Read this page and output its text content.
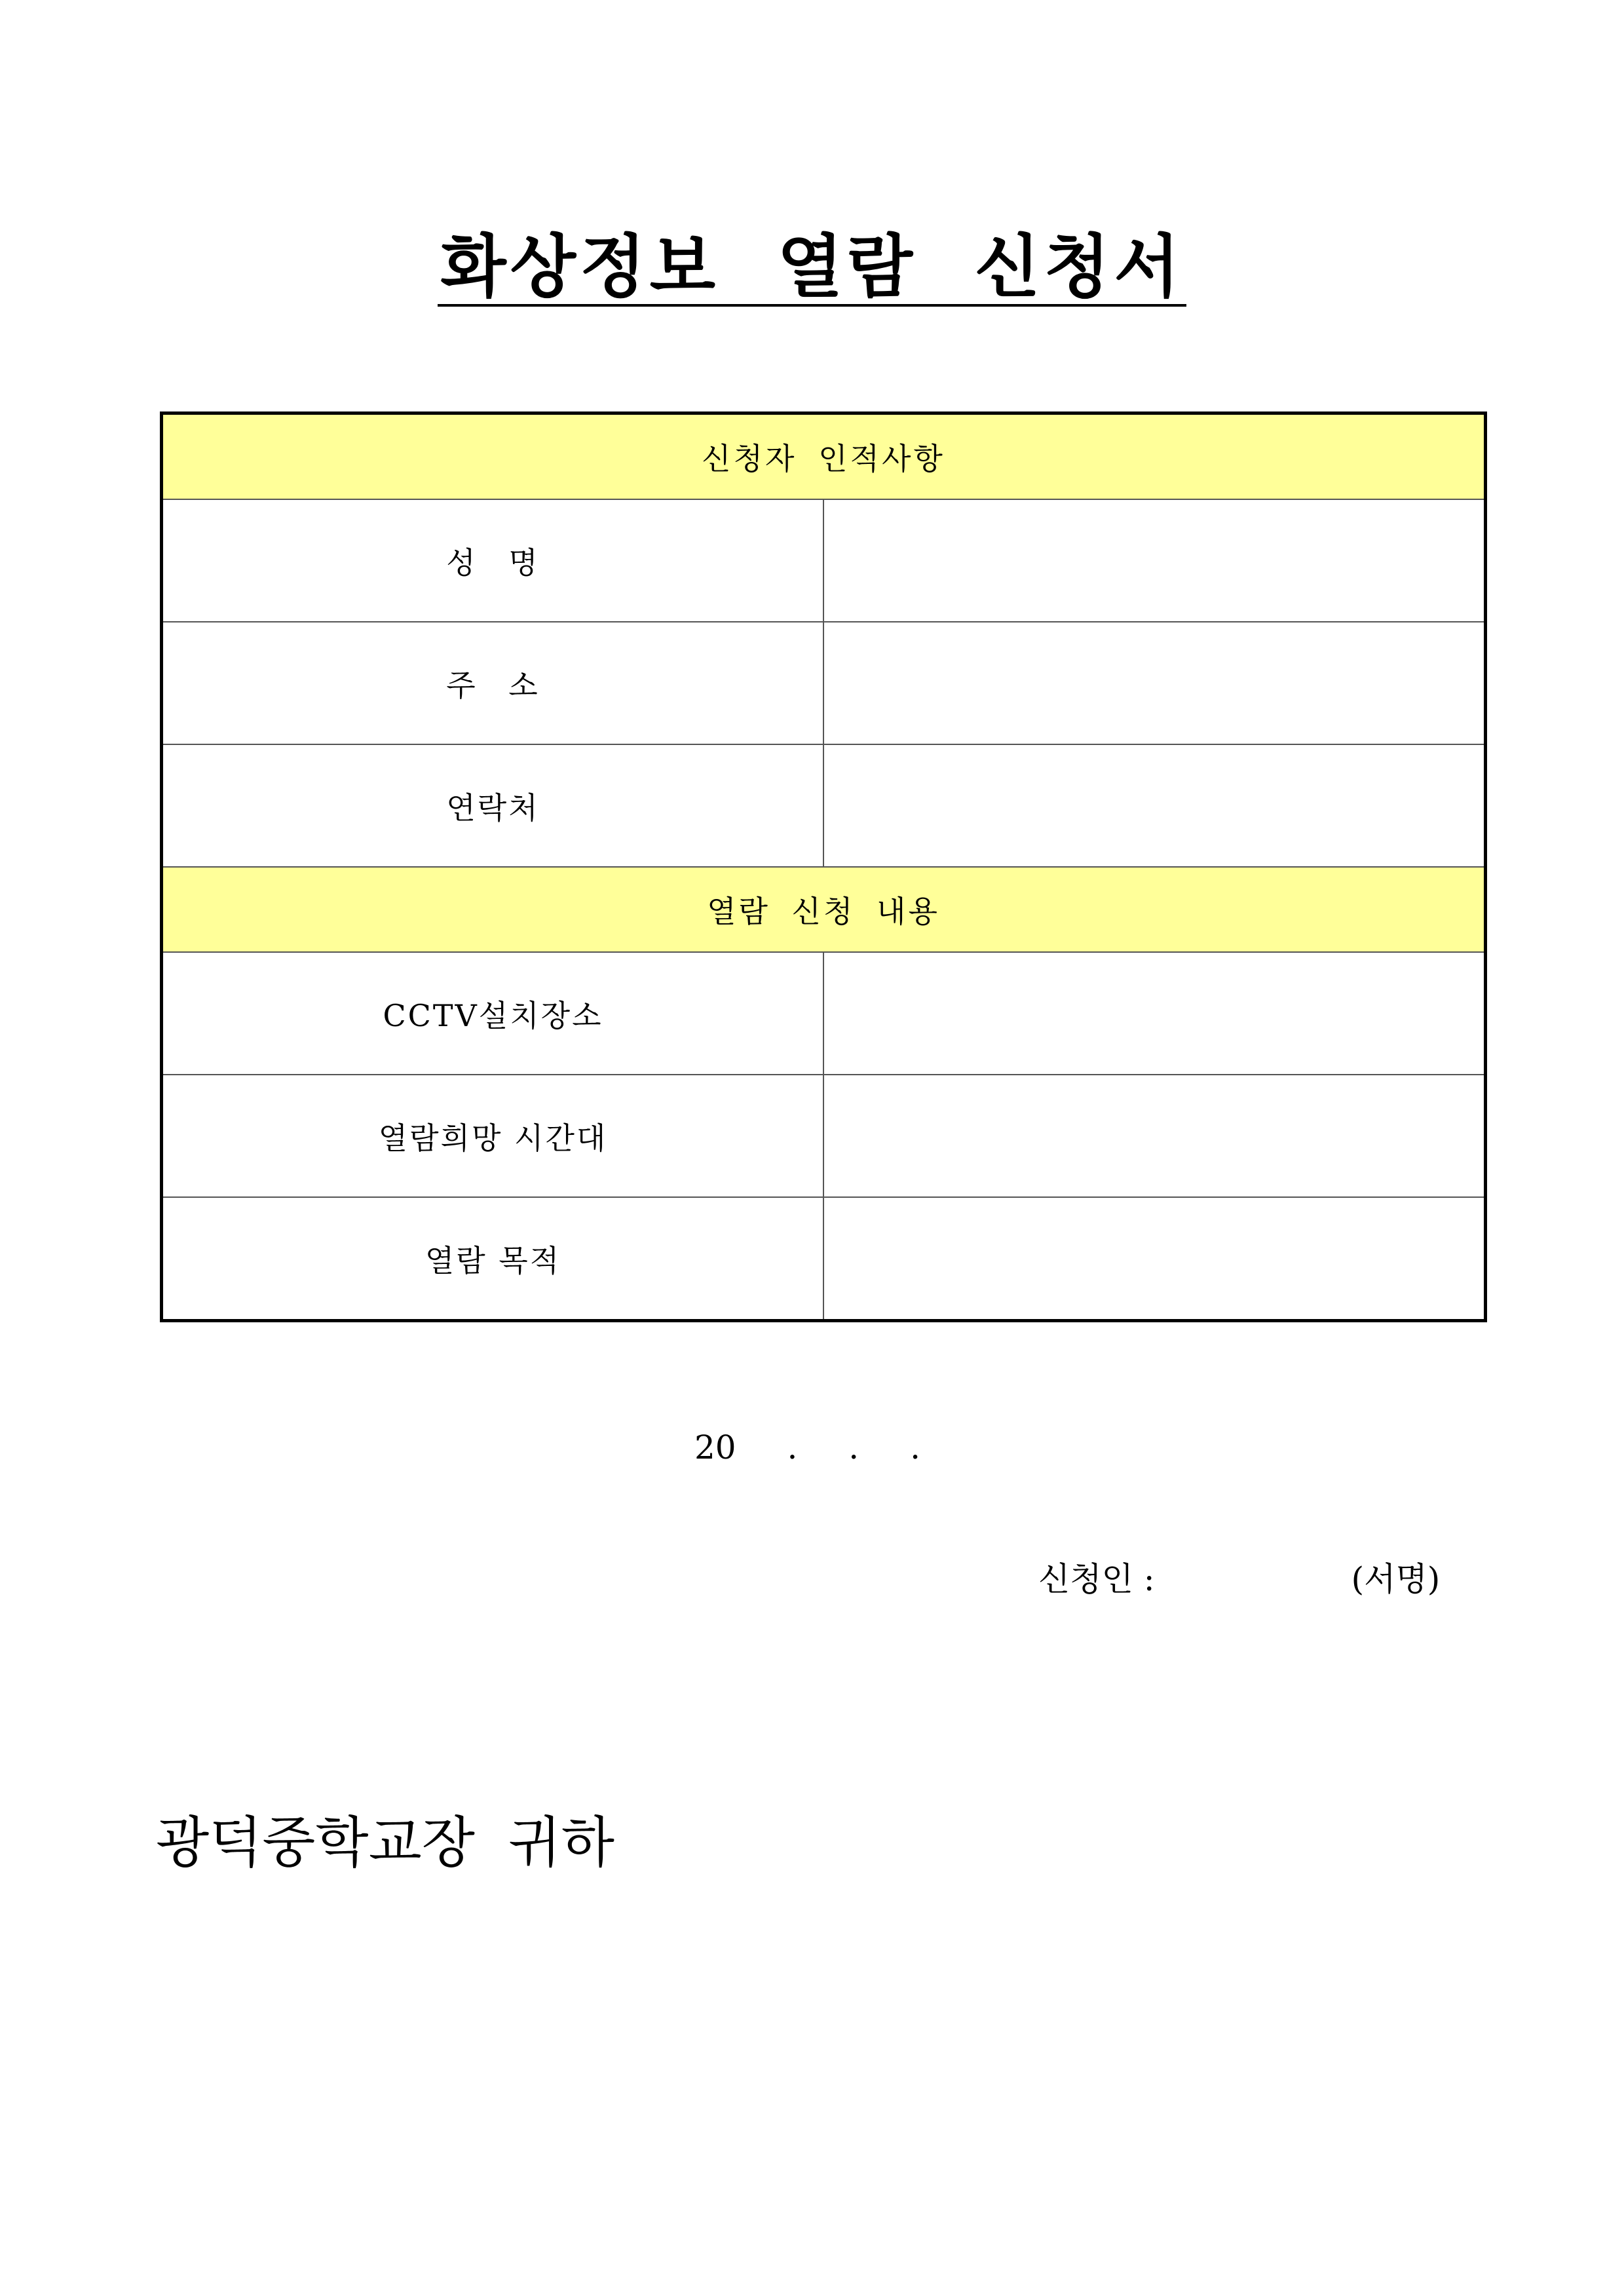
화상정보 열람 신청서
신청자 인적사항	
성 명	
주 소	
연락처	
열람 신청 내용	
CCTV설치장소	
열람희망 시간대	
열람 목적	
20 . . .
신청인 :	(서명)
광덕중학교장 귀하
